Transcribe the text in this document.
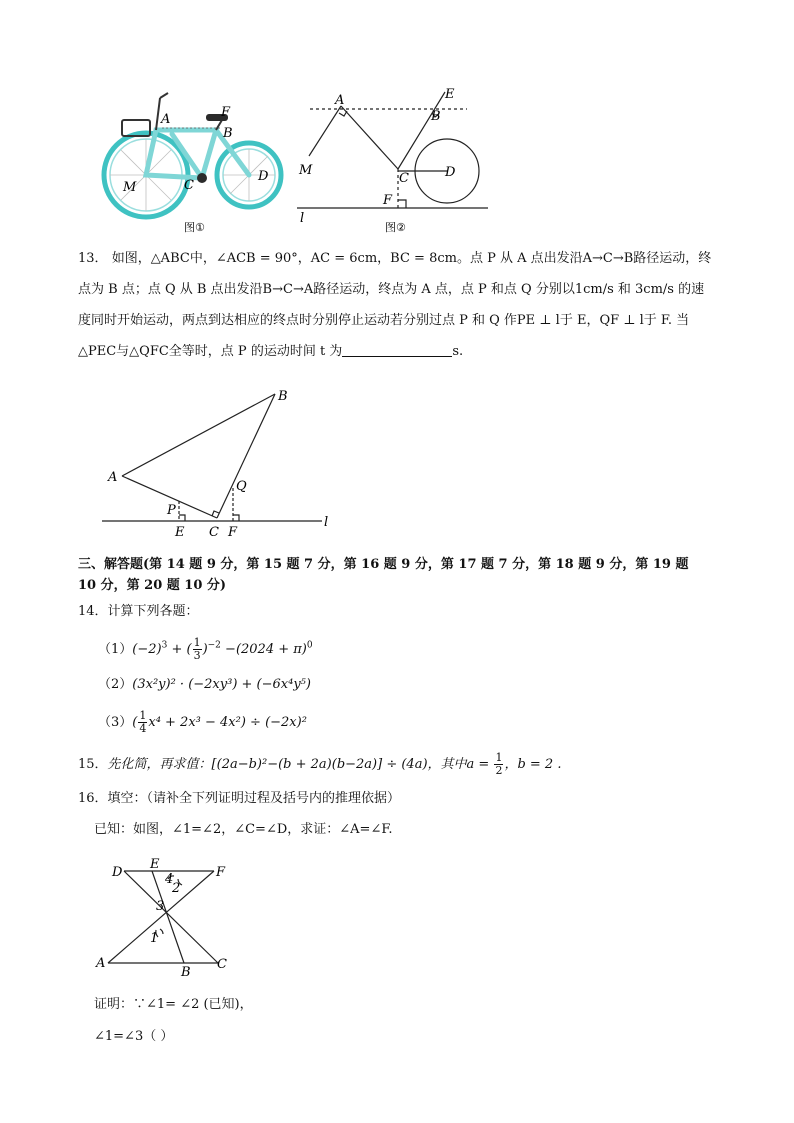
A
B
F
C
D
M
图①
A
B
E
C	D
F
M
l
图②
13． 如图，△ABC中，∠ACB = 90°，AC = 6cm，BC = 8cm。点 P 从 A 点出发沿A→C→B路径运动，终
点为 B 点；点 Q 从 B 点出发沿B→C→A路径运动，终点为 A 点，点 P 和点 Q 分别以1cm/s 和 3cm/s 的速
度同时开始运动，两点到达相应的终点时分别停止运动若分别过点 P 和 Q 作PE ⊥ l于 E，QF ⊥ l于 F. 当
△PEC与△QFC全等时，点 P 的运动时间 t 为	s.
B
A
Q
P
E C F
l
三、解答题(第 14 题 9 分，第 15 题 7 分，第 16 题 9 分，第 17 题 7 分，第 18 题 9 分，第 19 题
10 分，第 20 题 10 分)
14．计算下列各题：
$(1)(-2)^3$ + ( $\frac{1}{3} )^{-2} -(2024 + \pi)^0$
（2）(3x²y)² · (−2xy³) + (−6x⁴y⁵)
$(3)( \frac{1}{4} x^4 + 2x^3 - 4x^2) \div (-2x)^2$
15．先化简，再求值：[(2a−b)²−(b + 2a)(b−2a)] ÷ (4a)，其中$a = \frac{1}{2}$ ，b = 2 .
16．填空：（请补全下列证明过程及括号内的推理依据）
已知：如图，∠1=∠2，∠C=∠D，求证：∠A=∠F.
D
E
F
A
B
C
1
3
2
4
证明：∵∠1= ∠2 (已知)，
∠1=∠3（ ）
